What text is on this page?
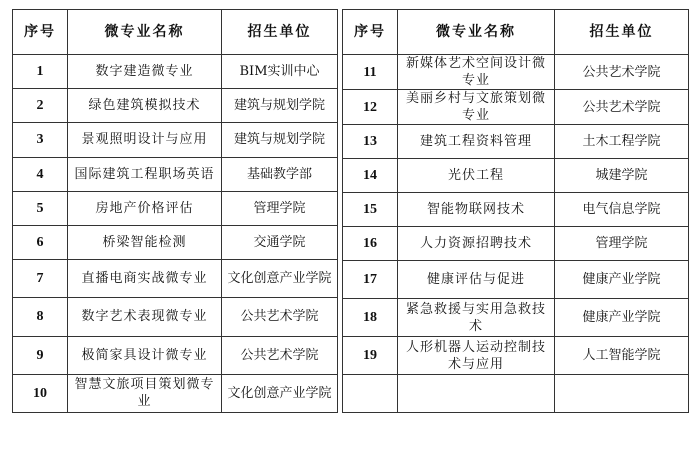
序号	微专业名称	招生单位
1	数字建造微专业	BIM实训中心
2	绿色建筑模拟技术	建筑与规划学院
3	景观照明设计与应用	建筑与规划学院
4	国际建筑工程职场英语	基础教学部
5	房地产价格评估	管理学院
6	桥梁智能检测	交通学院
7	直播电商实战微专业	文化创意产业学院
8	数字艺术表现微专业	公共艺术学院
9	极简家具设计微专业	公共艺术学院
10	智慧文旅项目策划微专业	文化创意产业学院
序号	微专业名称	招生单位
11	新媒体艺术空间设计微专业	公共艺术学院
12	美丽乡村与文旅策划微专业	公共艺术学院
13	建筑工程资料管理	土木工程学院
14	光伏工程	城建学院
15	智能物联网技术	电气信息学院
16	人力资源招聘技术	管理学院
17	健康评估与促进	健康产业学院
18	紧急救援与实用急救技术	健康产业学院
19	人形机器人运动控制技术与应用	人工智能学院
